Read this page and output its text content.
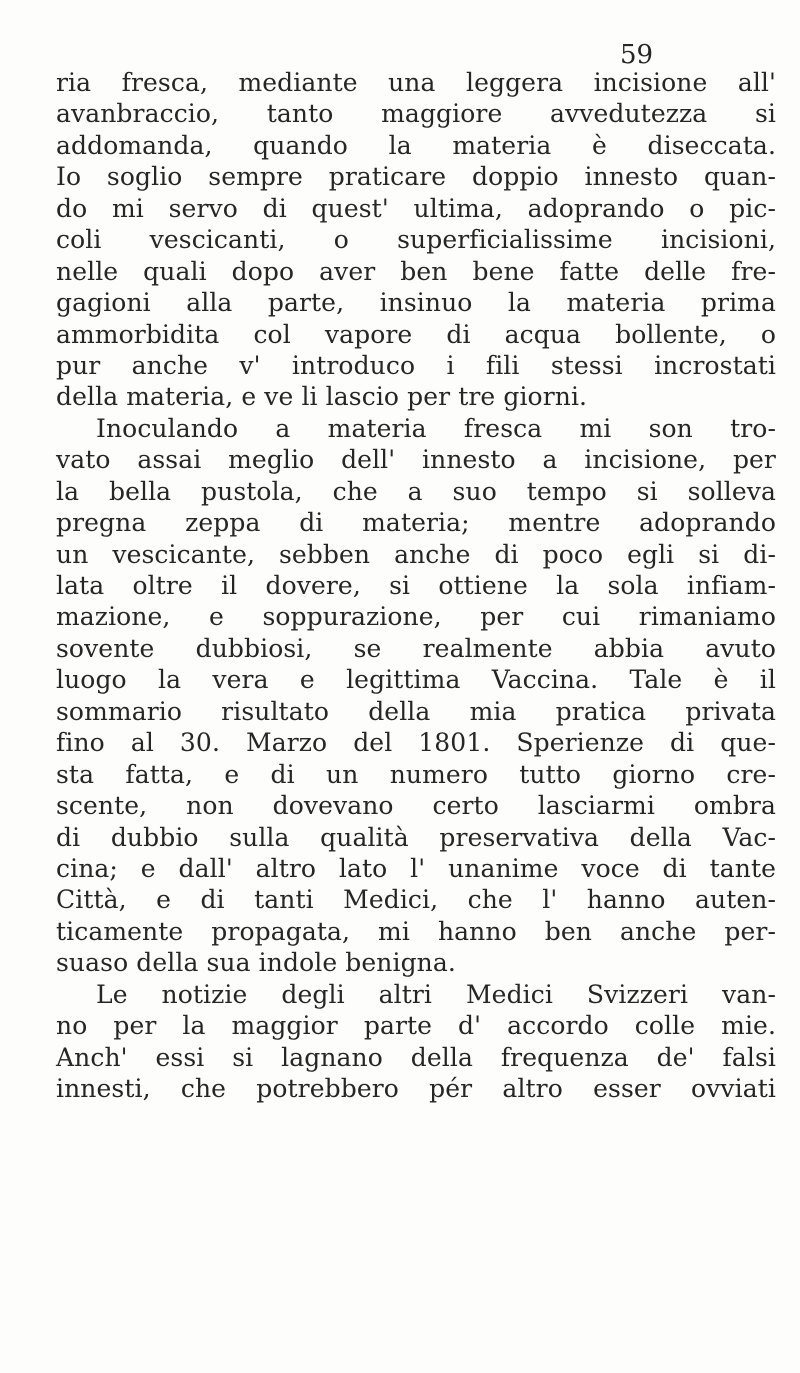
59
ria fresca, mediante una leggera incisione all'
avanbraccio, tanto maggiore avvedutezza si
addomanda, quando la materia è diseccata.
Io soglio sempre praticare doppio innesto quan-
do mi servo di quest' ultima, adoprando o pic-
coli vescicanti, o superficialissime incisioni,
nelle quali dopo aver ben bene fatte delle fre-
gagioni alla parte, insinuo la materia prima
ammorbidita col vapore di acqua bollente, o
pur anche v' introduco i fili stessi incrostati
della materia, e ve li lascio per tre giorni.
Inoculando a materia fresca mi son tro-
vato assai meglio dell' innesto a incisione, per
la bella pustola, che a suo tempo si solleva
pregna zeppa di materia; mentre adoprando
un vescicante, sebben anche di poco egli si di-
lata oltre il dovere, si ottiene la sola infiam-
mazione, e soppurazione, per cui rimaniamo
sovente dubbiosi, se realmente abbia avuto
luogo la vera e legittima Vaccina. Tale è il
sommario risultato della mia pratica privata
fino al 30. Marzo del 1801. Sperienze di que-
sta fatta, e di un numero tutto giorno cre-
scente, non dovevano certo lasciarmi ombra
di dubbio sulla qualità preservativa della Vac-
cina; e dall' altro lato l' unanime voce di tante
Città, e di tanti Medici, che l' hanno auten-
ticamente propagata, mi hanno ben anche per-
suaso della sua indole benigna.
Le notizie degli altri Medici Svizzeri van-
no per la maggior parte d' accordo colle mie.
Anch' essi si lagnano della frequenza de' falsi
innesti, che potrebbero pér altro esser ovviati
